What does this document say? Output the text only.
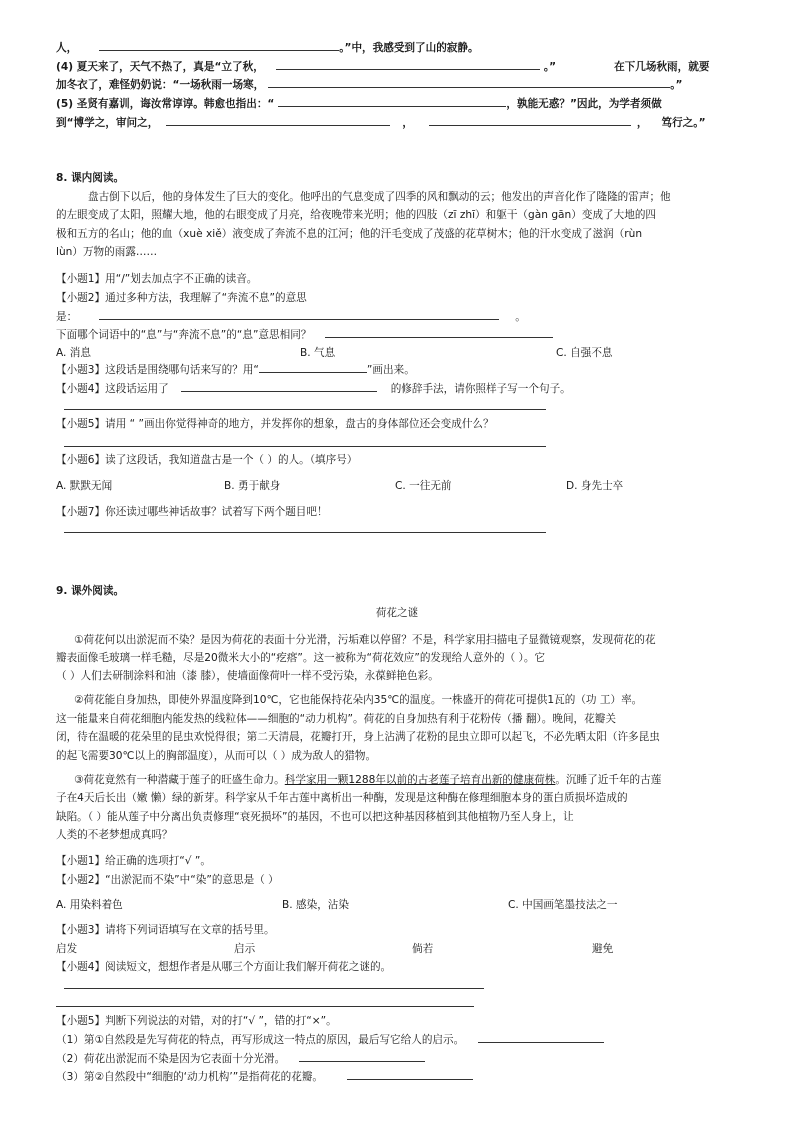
人，	。”中，我感受到了山的寂静。
(4) 夏天来了，天气不热了，真是“立了秋，	。”	在下几场秋雨，就要
加冬衣了，难怪奶奶说：“一场秋雨一场寒，	。”
(5) 圣贤有嘉训，诲汝常谆谆。韩愈也指出：“	，孰能无惑？”因此，为学者须做
到“博学之，审问之，	，	， 笃行之。”
8. 课内阅读。
盘古倒下以后，他的身体发生了巨大的变化。他呼出的气息变成了四季的风和飘动的云；他发出的声音化作了隆隆的雷声；他
的左眼变成了太阳，照耀大地，他的右眼变成了月亮，给夜晚带来光明；他的四肢（zī zhī）和躯干（gàn gān）变成了大地的四
极和五方的名山；他的血（xuè xiě）液变成了奔流不息的江河；他的汗毛变成了茂盛的花草树木；他的汗水变成了滋润（rùn
lùn）万物的雨露……
【小题1】用“/”划去加点字不正确的读音。
【小题2】通过多种方法，我理解了“奔流不息”的意思
是：	。
下面哪个词语中的“息”与“奔流不息”的“息”意思相同？
A. 消息	B. 气息	C. 自强不息
【小题3】这段话是围绕哪句话来写的？用“	”画出来。
【小题4】这段话运用了	的修辞手法，请你照样子写一个句子。
【小题5】请用 “ ”画出你觉得神奇的地方，并发挥你的想象，盘古的身体部位还会变成什么？
【小题6】读了这段话，我知道盘古是一个（ ）的人。（填序号）
A. 默默无闻	B. 勇于献身	C. 一往无前	D. 身先士卒
【小题7】你还读过哪些神话故事？试着写下两个题目吧！
9. 课外阅读。
荷花之谜
①荷花何以出淤泥而不染？是因为荷花的表面十分光滑，污垢难以停留？不是，科学家用扫描电子显微镜观察，发现荷花的花
瓣表面像毛玻璃一样毛糙，尽是20微米大小的“疙瘩”。这一被称为“荷花效应”的发现给人意外的（ ）。它
（ ）人们去研制涂料和油（漆 膝），使墙面像荷叶一样不受污染，永葆鲜艳色彩。
②荷花能自身加热，即使外界温度降到10℃，它也能保持花朵内35℃的温度。一株盛开的荷花可提供1瓦的（功 工）率。
这一能量来自荷花细胞内能发热的线粒体——细胞的“动力机构”。荷花的自身加热有利于花粉传（播 翻）。晚间，花瓣关
闭，待在温暖的花朵里的昆虫欢悦得很；第二天清晨，花瓣打开，身上沾满了花粉的昆虫立即可以起飞，不必先晒太阳（许多昆虫
的起飞需要30℃以上的胸部温度），从而可以（ ）成为敌人的猎物。
③荷花竟然有一种潜藏于莲子的旺盛生命力。科学家用一颗1288年以前的古老莲子培育出新的健康荷株。沉睡了近千年的古莲
子在4天后长出（嫩 懒）绿的新芽。科学家从千年古莲中离析出一种酶，发现是这种酶在修理细胞本身的蛋白质损坏造成的
缺陷。（ ）能从莲子中分离出负责修理“衰死损坏”的基因，不也可以把这种基因移植到其他植物乃至人身上，让
人类的不老梦想成真吗？
【小题1】给正确的选项打“√ ”。
【小题2】“出淤泥而不染”中“染”的意思是（ ）
A. 用染料着色	B. 感染，沾染	C. 中国画笔墨技法之一
【小题3】请将下列词语填写在文章的括号里。
启发	启示	倘若	避免
【小题4】阅读短文，想想作者是从哪三个方面让我们解开荷花之谜的。
【小题5】判断下列说法的对错，对的打“√ ”，错的打“×”。
（1）第①自然段是先写荷花的特点，再写形成这一特点的原因，最后写它给人的启示。
（2）荷花出淤泥而不染是因为它表面十分光滑。
（3）第②自然段中“细胞的‘动力机构’”是指荷花的花瓣。
